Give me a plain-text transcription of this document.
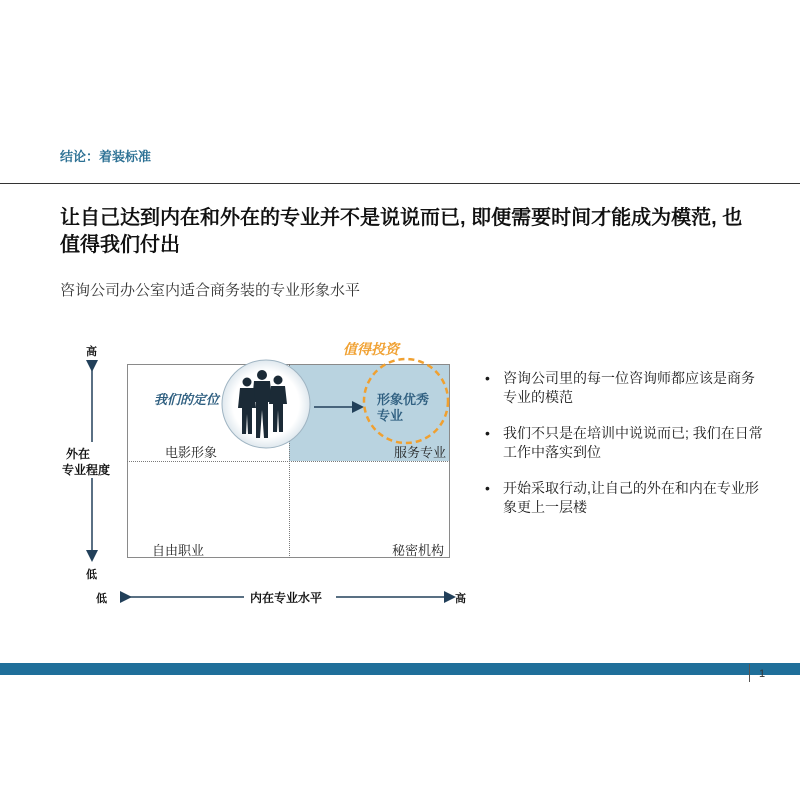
结论：着装标准
让自己达到内在和外在的专业并不是说说而已, 即便需要时间才能成为模范, 也值得我们付出
咨询公司办公室内适合商务装的专业形象水平
值得投资
高
低
外在
专业程度
低	高
内在专业水平
我们的定位	形象优秀
专业
电影形象	服务专业
自由职业	秘密机构
• 咨询公司里的每一位咨询师都应该是商务专业的模范
• 我们不只是在培训中说说而已; 我们在日常工作中落实到位
• 开始采取行动,让自己的外在和内在专业形象更上一层楼
1
